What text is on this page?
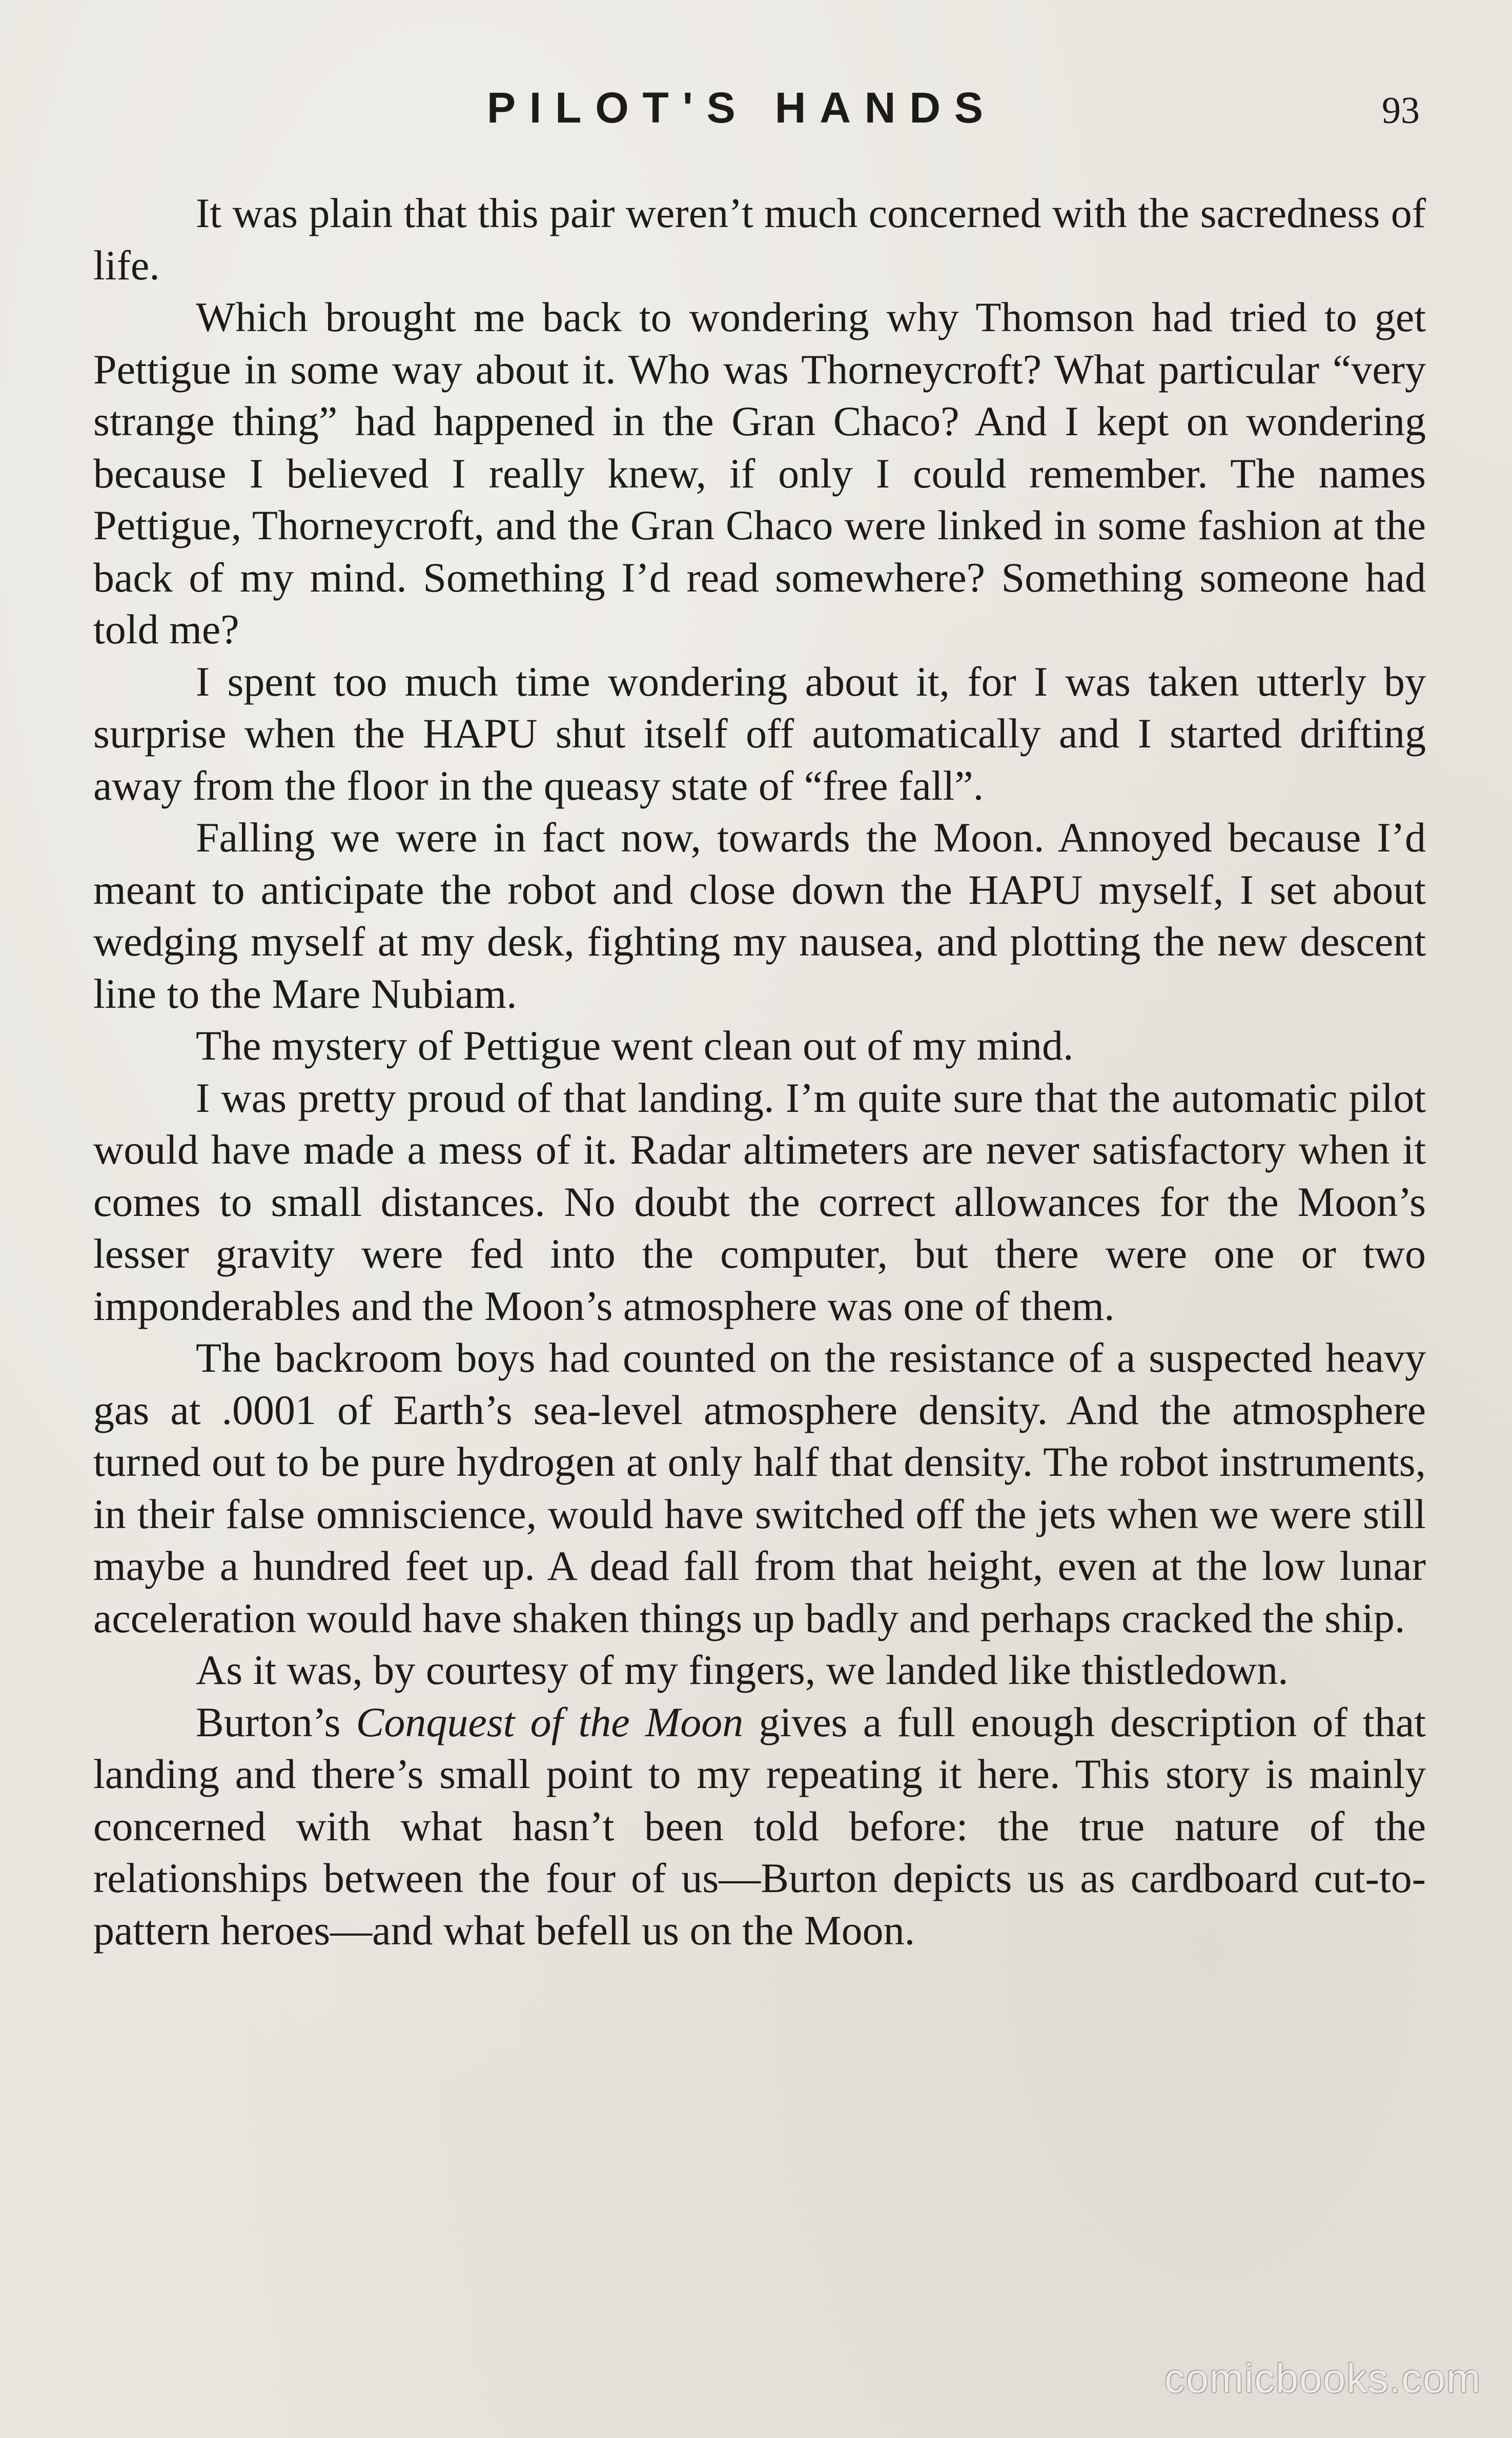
PILOT'S HANDS	93

It was plain that this pair weren’t much concerned with the sacredness of life.

Which brought me back to wondering why Thomson had tried to get Pettigue in some way about it. Who was Thorneycroft? What particular “very strange thing” had happened in the Gran Chaco? And I kept on wondering because I believed I really knew, if only I could remember. The names Pettigue, Thorneycroft, and the Gran Chaco were linked in some fashion at the back of my mind. Something I’d read somewhere? Something someone had told me?

I spent too much time wondering about it, for I was taken utterly by surprise when the HAPU shut itself off automatically and I started drifting away from the floor in the queasy state of “free fall”.

Falling we were in fact now, towards the Moon. Annoyed because I’d meant to anticipate the robot and close down the HAPU myself, I set about wedging myself at my desk, fighting my nausea, and plotting the new descent line to the Mare Nubiam.

The mystery of Pettigue went clean out of my mind.

I was pretty proud of that landing. I’m quite sure that the automatic pilot would have made a mess of it. Radar altimeters are never satisfactory when it comes to small distances. No doubt the correct allowances for the Moon’s lesser gravity were fed into the computer, but there were one or two imponderables and the Moon’s atmosphere was one of them.

The backroom boys had counted on the resistance of a suspected heavy gas at .0001 of Earth’s sea-level atmosphere density. And the atmosphere turned out to be pure hydrogen at only half that density. The robot instruments, in their false omniscience, would have switched off the jets when we were still maybe a hundred feet up. A dead fall from that height, even at the low lunar acceleration would have shaken things up badly and perhaps cracked the ship.

As it was, by courtesy of my fingers, we landed like thistledown.

Burton’s Conquest of the Moon gives a full enough description of that landing and there’s small point to my repeating it here. This story is mainly concerned with what hasn’t been told before: the true nature of the relationships between the four of us—Burton depicts us as cardboard cut-to-pattern heroes—and what befell us on the Moon.

comicbooks.com
